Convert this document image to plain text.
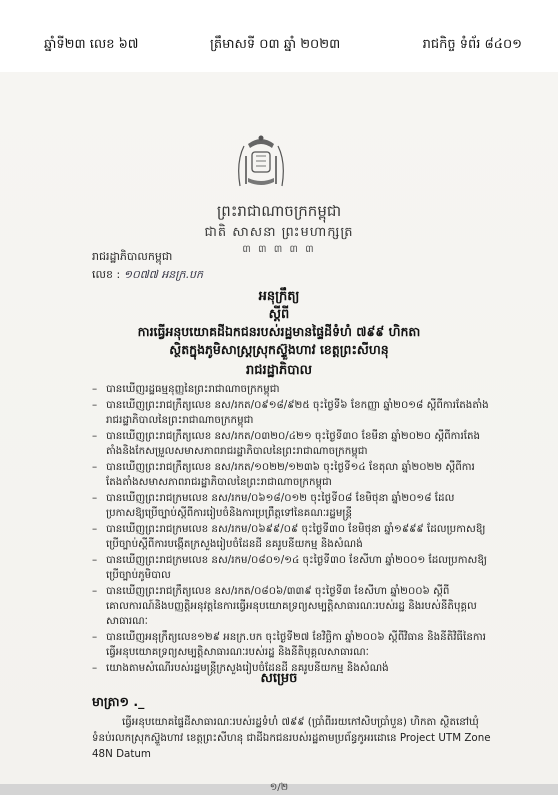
ឆ្នាំទី២៣ លេខ ៦៧	ត្រឹមាសទី ០៣ ឆ្នាំ ២០២៣	រាជកិច្ច ទំព័រ ៨៤០១
ព្រះរាជាណាចក្រកម្ពុជា
ជាតិ សាសនា ព្រះមហាក្សត្រ
៣ ៣ ៣ ៣ ៣
រាជរដ្ឋាភិបាលកម្ពុជា
លេខ : ១០៧៧ អនក្រ.បក
អនុក្រឹត្យ
ស្តីពី
ការធ្វើអនុបយោគដីឯកជនរបស់រដ្ឋមានផ្ទៃដីទំហំ ៧៩៩ ហិកតា
ស្ថិតក្នុងភូមិសាស្ត្រស្រុកស៊្ទួងហាវ ខេត្តព្រះសីហនុ
រាជរដ្ឋាភិបាល
– បានឃើញរដ្ឋធម្មនុញ្ញនៃព្រះរាជាណាចក្រកម្ពុជា
– បានឃើញព្រះរាជក្រឹត្យលេខ នស/រកត/០៩១៨/៩២៥ ចុះថ្ងៃទី៦ ខែកញ្ញា ឆ្នាំ២០១៨ ស្តីពីការតែងតាំងរាជរដ្ឋាភិបាលនៃព្រះរាជាណាចក្រកម្ពុជា
– បានឃើញព្រះរាជក្រឹត្យលេខ នស/រកត/០៣២០/៤២១ ចុះថ្ងៃទី៣០ ខែមីនា ឆ្នាំ២០២០ ស្តីពីការតែងតាំងនិងកែសម្រួលសមាសភាពរាជរដ្ឋាភិបាលនៃព្រះរាជាណាចក្រកម្ពុជា
– បានឃើញព្រះរាជក្រឹត្យលេខ នស/រកត/១០២២/១២៣៦ ចុះថ្ងៃទី១៤ ខែតុលា ឆ្នាំ២០២២ ស្តីពីការតែងតាំងសមាសភាពរាជរដ្ឋាភិបាលនៃព្រះរាជាណាចក្រកម្ពុជា
– បានឃើញព្រះរាជក្រមលេខ នស/រកម/០៦១៨/០១២ ចុះថ្ងៃទី០៨ ខែមិថុនា ឆ្នាំ២០១៨ ដែលប្រកាសឱ្យប្រើច្បាប់ស្តីពីការរៀបចំនិងការប្រព្រឹត្តទៅនៃគណៈរដ្ឋមន្ត្រី
– បានឃើញព្រះរាជក្រមលេខ នស/រកម/០៦៩៩/០៩ ចុះថ្ងៃទី៣០ ខែមិថុនា ឆ្នាំ១៩៩៩ ដែលប្រកាសឱ្យប្រើច្បាប់ស្តីពីការបង្កើតក្រសួងរៀបចំដែនដី នគរូបនីយកម្ម និងសំណង់
– បានឃើញព្រះរាជក្រមលេខ នស/រកម/០៨០១/១៤ ចុះថ្ងៃទី៣០ ខែសីហា ឆ្នាំ២០០១ ដែលប្រកាសឱ្យប្រើច្បាប់ភូមិបាល
– បានឃើញព្រះរាជក្រឹត្យលេខ នស/រកត/០៨០៦/៣៣៩ ចុះថ្ងៃទី៣ ខែសីហា ឆ្នាំ២០០៦ ស្តីពីគោលការណ៍និងបញ្ញត្តិអនុវត្តនៃការធ្វើអនុបយោគទ្រព្យសម្បត្តិសាធារណៈរបស់រដ្ឋ និងរបស់នីតិបុគ្គលសាធារណៈ
– បានឃើញអនុក្រឹត្យលេខ១២៩ អនក្រ.បក ចុះថ្ងៃទី២៧ ខែវិច្ឆិកា ឆ្នាំ២០០៦ ស្តីពីវិធាន និងនីតិវិធីនៃការធ្វើអនុបយោគទ្រព្យសម្បត្តិសាធារណៈរបស់រដ្ឋ និងនីតិបុគ្គលសាធារណៈ
– យោងតាមសំណើរបស់រដ្ឋមន្ត្រីក្រសួងរៀបចំដែនដី នគរូបនីយកម្ម និងសំណង់
សម្រេច
មាត្រា១ ._
ធ្វើអនុបយោគផ្ទៃដីសាធារណៈរបស់រដ្ឋទំហំ ៧៩៩ (ប្រាំពីររយកៅសិបប្រាំបួន) ហិកតា ស្ថិតនៅឃុំទំនប់រលកស្រុកស៊្ទួងហាវ ខេត្តព្រះសីហនុ ជាដីឯកជនរបស់រដ្ឋតាមប្រព័ន្ធកូអរដោនេ Project UTM Zone 48N Datum
១/២
